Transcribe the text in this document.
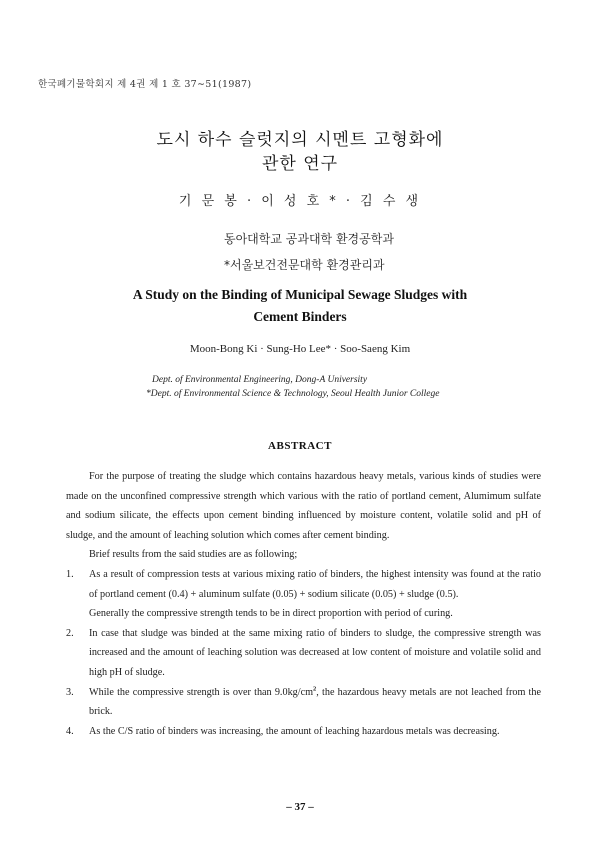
한국폐기물학회지 제 4권 제 1 호 37∼51(1987)
도시 하수 슬럿지의 시멘트 고형화에
관한 연구
기 문 봉 · 이 성 호 * · 김 수 생
동아대학교 공과대학 환경공학과
*서울보건전문대학 환경관리과
A Study on the Binding of Municipal Sewage Sludges with
Cement Binders
Moon-Bong Ki · Sung-Ho Lee* · Soo-Saeng Kim
Dept. of Environmental Engineering, Dong-A University
*Dept. of Environmental Science & Technology, Seoul Health Junior College
ABSTRACT

For the purpose of treating the sludge which contains hazardous heavy metals, various kinds of studies were made on the unconfined compressive strength which various with the ratio of portland cement, Alumimum sulfate and sodium silicate, the effects upon cement binding influenced by moisture content, volatile solid and pH of sludge, and the amount of leaching solution which comes after cement binding.

Brief results from the said studies are as following;

1. As a result of compression tests at various mixing ratio of binders, the highest intensity was found at the ratio of portland cement (0.4) + aluminum sulfate (0.05) + sodium silicate (0.05) + sludge (0.5).

Generally the compressive strength tends to be in direct proportion with period of curing.

2. In case that sludge was binded at the same mixing ratio of binders to sludge, the compressive strength was increased and the amount of leaching solution was decreased at low content of moisture and volatile solid and high pH of sludge.
3. While the compressive strength is over than $9.0kg/cm^2$, the hazardous heavy metals are not leached from the brick.
4. As the C/S ratio of binders was increasing, the amount of leaching hazardous metals was decreasing.
– 37 –
